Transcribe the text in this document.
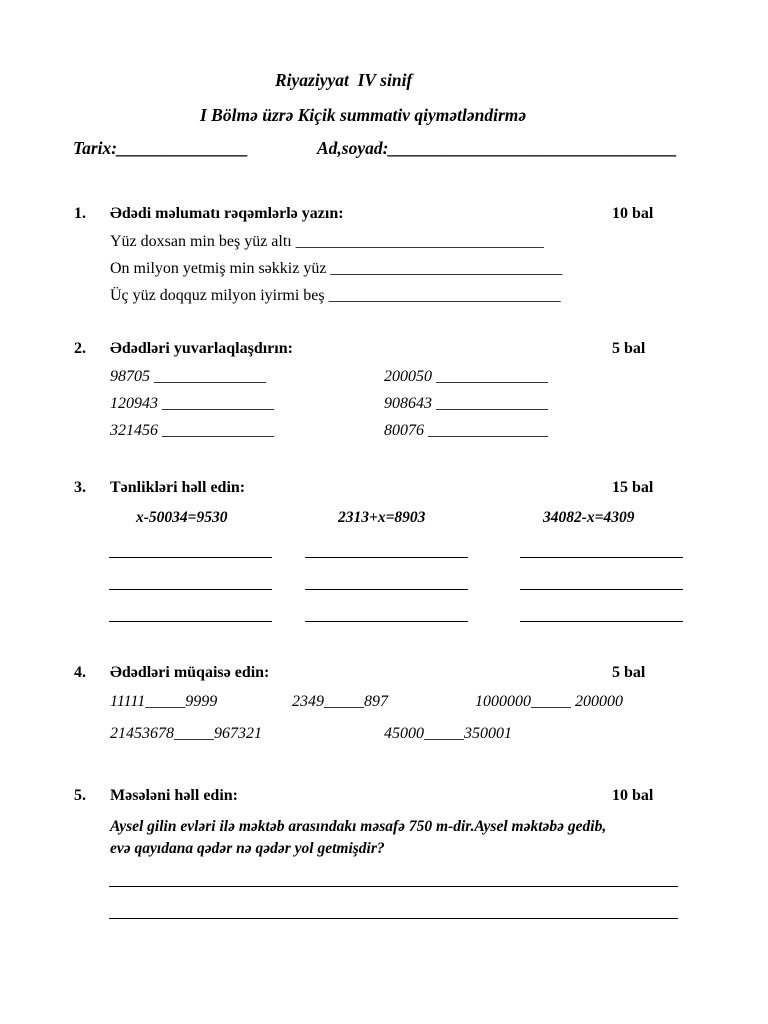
Riyaziyyat  IV sinif
I Bölmə üzrə Kiçik summativ qiymətləndirmə
Tarix:_______________	Ad,soyad:_________________________________
1. Ədədi məlumatı rəqəmlərlə yazın:	10 bal
Yüz doxsan min beş yüz altı _______________________________
On milyon yetmiş min səkkiz yüz _____________________________
Üç yüz doqquz milyon iyirmi beş _____________________________
2. Ədədləri yuvarlaqlaşdırın:	5 bal
98705 ______________	200050 ______________
120943 ______________	908643 ______________
321456 ______________	80076 _______________
3. Tənlikləri həll edin:	15 bal
x-50034=9530	2313+x=8903	34082-x=4309
4. Ədədləri müqaisə edin:	5 bal
11111_____9999	2349_____897	1000000_____ 200000
21453678_____967321	45000_____350001
5. Məsələni həll edin:	10 bal
Aysel gilin evləri ilə məktəb arasındakı məsafə 750 m-dir.Aysel məktəbə gedib,
evə qayıdana qədər nə qədər yol getmişdir?
